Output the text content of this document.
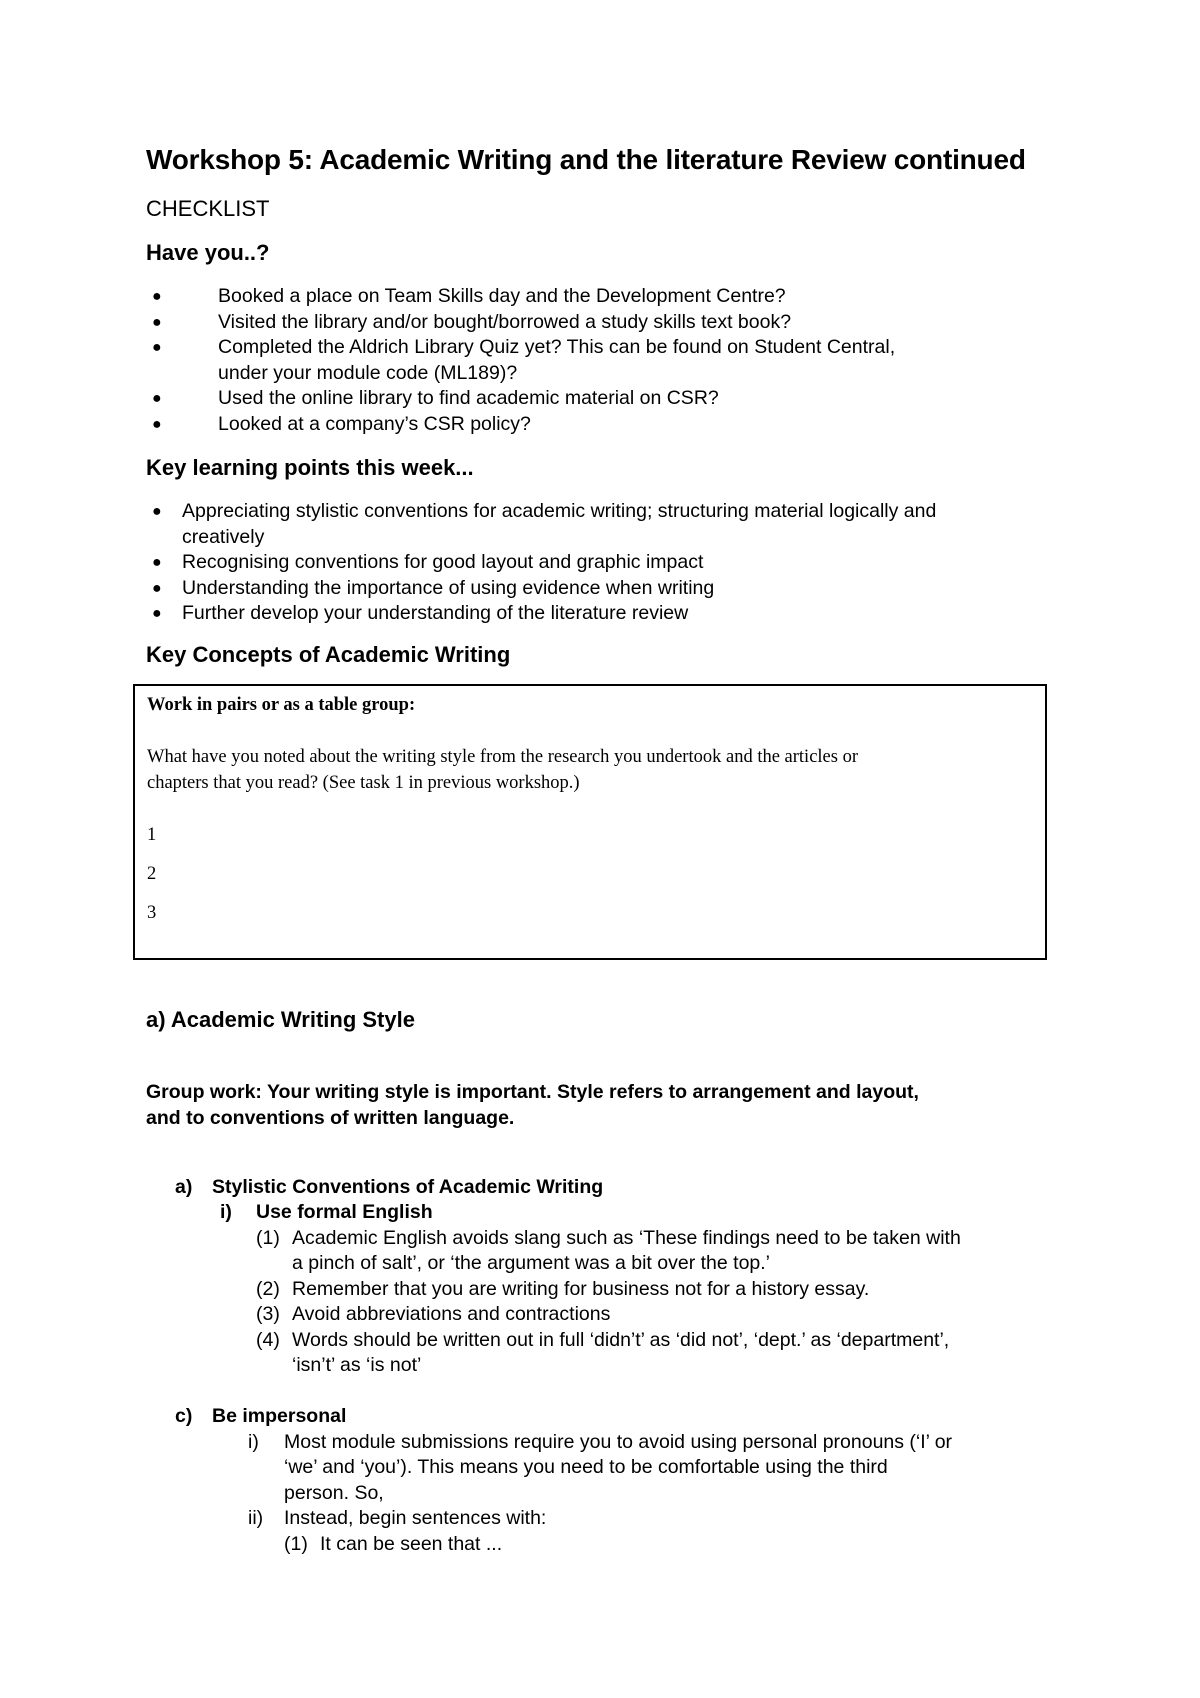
Workshop 5: Academic Writing and the literature Review continued
CHECKLIST
Have you..?
●	Booked a place on Team Skills day and the Development Centre?
●	Visited the library and/or bought/borrowed a study skills text book?
●	Completed the Aldrich Library Quiz yet? This can be found on Student Central,
under your module code (ML189)?
●	Used the online library to find academic material on CSR?
●	Looked at a company’s CSR policy?
Key learning points this week...
● Appreciating stylistic conventions for academic writing; structuring material logically and
creatively
● Recognising conventions for good layout and graphic impact
● Understanding the importance of using evidence when writing
● Further develop your understanding of the literature review
Key Concepts of Academic Writing
Work in pairs or as a table group:
What have you noted about the writing style from the research you undertook and the articles or
chapters that you read? (See task 1 in previous workshop.)
1
2
3
a) Academic Writing Style
Group work: Your writing style is important. Style refers to arrangement and layout,
and to conventions of written language.
a) Stylistic Conventions of Academic Writing
i) Use formal English
(1) Academic English avoids slang such as ‘These findings need to be taken with
a pinch of salt’, or ‘the argument was a bit over the top.’
(2) Remember that you are writing for business not for a history essay.
(3) Avoid abbreviations and contractions
(4) Words should be written out in full ‘didn’t’ as ‘did not’, ‘dept.’ as ‘department’,
‘isn’t’ as ‘is not’
c) Be impersonal
i) Most module submissions require you to avoid using personal pronouns (‘I’ or
‘we’ and ‘you’). This means you need to be comfortable using the third
person. So,
ii) Instead, begin sentences with:
(1) It can be seen that ...
